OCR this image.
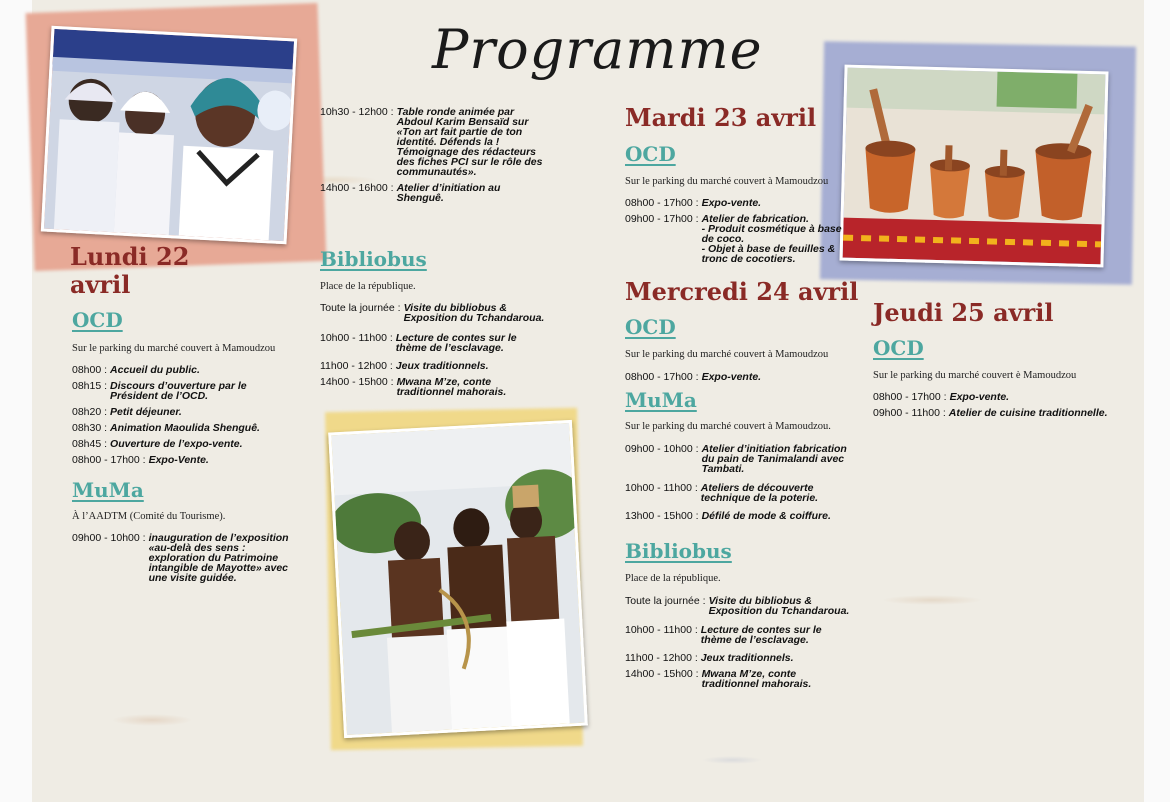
Programme
Lundi 22 avril
OCD
Sur le parking du marché couvert à Mamoudzou
08h00 : Accueil du public.
08h15 : Discours d’ouverture par le Président de l’OCD.
08h20 : Petit déjeuner.
08h30 : Animation Maoulida Shenguê.
08h45 : Ouverture de l’expo-vente.
08h00 - 17h00 : Expo-Vente.
MuMa
À l’AADTM (Comité du Tourisme).
09h00 - 10h00 : inauguration de l’exposition «au-delà des sens : exploration du Patrimoine intangible de Mayotte» avec une visite guidée.
10h30 - 12h00 : Table ronde animée par Abdoul Karim Bensaïd sur «Ton art fait partie de ton identité. Défends la ! Témoignage des rédacteurs des fiches PCI sur le rôle des communautés».
14h00 - 16h00 : Atelier d’initiation au Shenguê.
Bibliobus
Place de la république.
Toute la journée : Visite du bibliobus & Exposition du Tchandaroua.
10h00 - 11h00 : Lecture de contes sur le thème de l’esclavage.
11h00 - 12h00 : Jeux traditionnels.
14h00 - 15h00 : Mwana M’ze, conte traditionnel mahorais.
Mardi 23 avril
OCD
Sur le parking du marché couvert à Mamoudzou
08h00 - 17h00 : Expo-vente.
09h00 - 17h00 : Atelier de fabrication.
- Produit cosmétique à base de coco.
- Objet à base de feuilles & tronc de cocotiers.
Mercredi 24 avril
OCD
Sur le parking du marché couvert à Mamoudzou
08h00 - 17h00 : Expo-vente.
MuMa
Sur le parking du marché couvert à Mamoudzou.
09h00 - 10h00 : Atelier d’initiation fabrication du pain de Tanimalandi avec Tambati.
10h00 - 11h00 : Ateliers de découverte technique de la poterie.
13h00 - 15h00 : Défilé de mode & coiffure.
Bibliobus
Place de la république.
Toute la journée : Visite du bibliobus & Exposition du Tchandaroua.
10h00 - 11h00 : Lecture de contes sur le thème de l’esclavage.
11h00 - 12h00 : Jeux traditionnels.
14h00 - 15h00 : Mwana M’ze, conte traditionnel mahorais.
Jeudi 25 avril
OCD
Sur le parking du marché couvert è Mamoudzou
08h00 - 17h00 : Expo-vente.
09h00 - 11h00 : Atelier de cuisine traditionnelle.
